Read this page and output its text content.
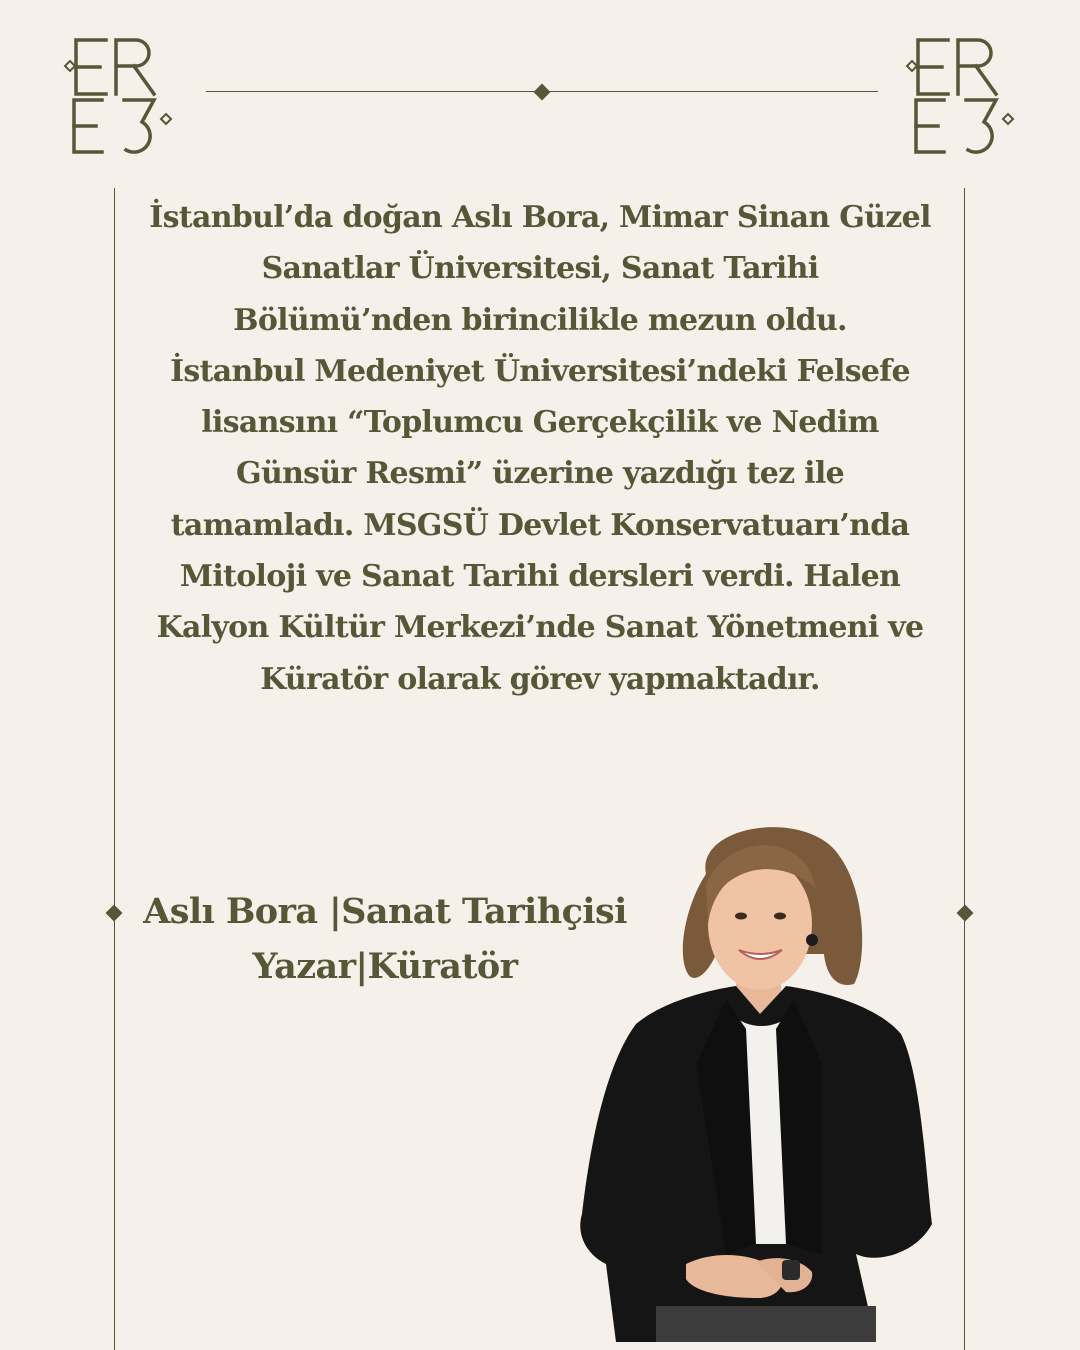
İstanbul’da doğan Aslı Bora, Mimar Sinan Güzel
Sanatlar Üniversitesi, Sanat Tarihi
Bölümü’nden birincilikle mezun oldu.
İstanbul Medeniyet Üniversitesi’ndeki Felsefe
lisansını “Toplumcu Gerçekçilik ve Nedim
Günsür Resmi” üzerine yazdığı tez ile
tamamladı. MSGSÜ Devlet Konservatuarı’nda
Mitoloji ve Sanat Tarihi dersleri verdi. Halen
Kalyon Kültür Merkezi’nde Sanat Yönetmeni ve
Küratör olarak görev yapmaktadır.
Aslı Bora |Sanat Tarihçisi
Yazar|Küratör
